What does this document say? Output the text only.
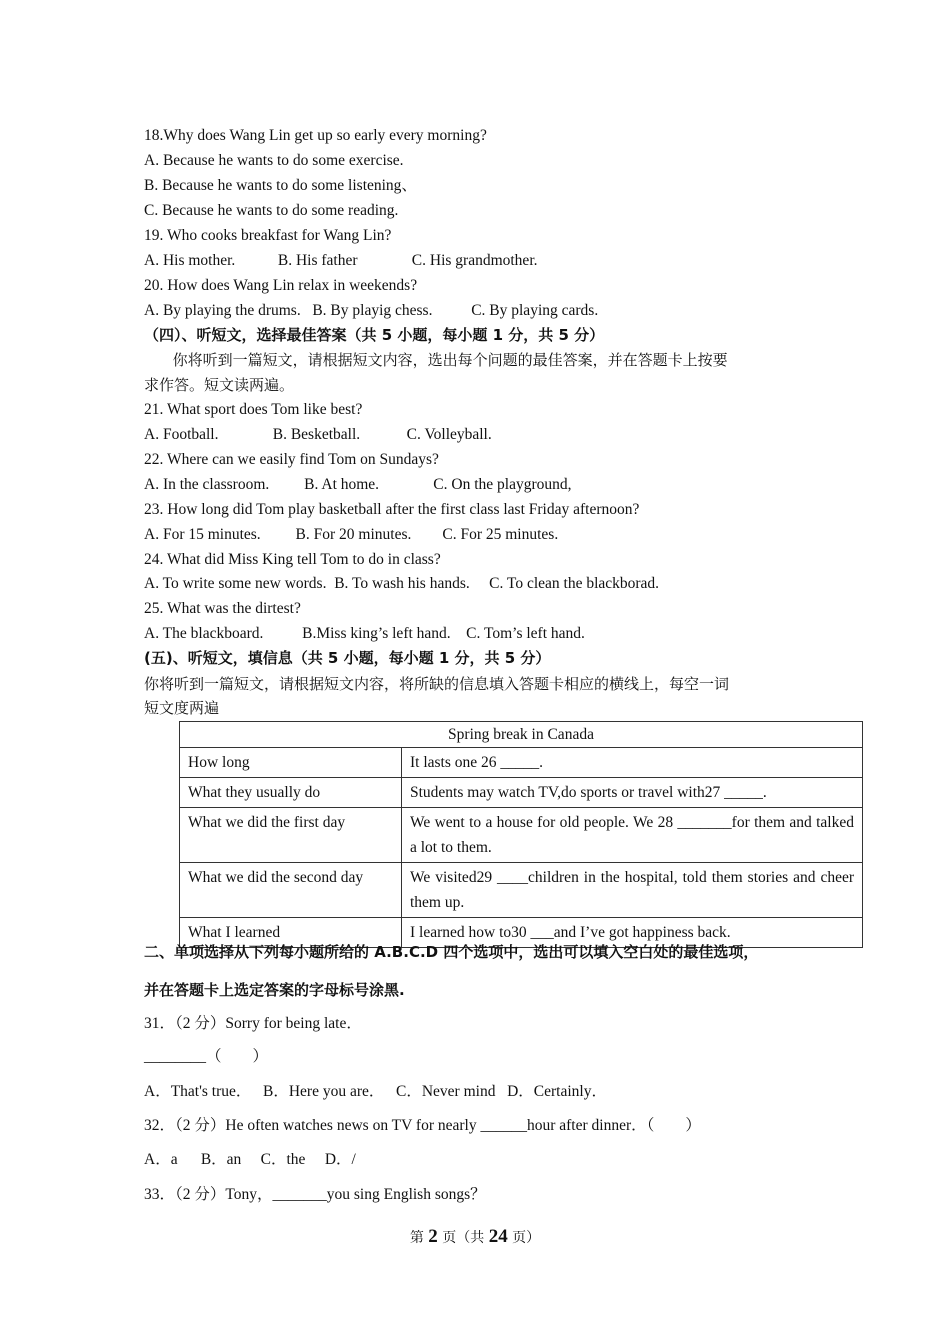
18.Why does Wang Lin get up so early every morning?
A. Because he wants to do some exercise.
B. Because he wants to do some listening、
C. Because he wants to do some reading.
19. Who cooks breakfast for Wang Lin?
A. His mother.           B. His father              C. His grandmother.
20. How does Wang Lin relax in weekends?
A. By playing the drums.   B. By playig chess.          C. By playing cards.
（四）、听短文，选择最佳答案（共 5 小题，每小题 1 分，共 5 分）
你将听到一篇短文，请根据短文内容，选出每个问题的最佳答案，并在答题卡上按要
求作答。短文读两遍。
21. What sport does Tom like best?
A. Football.              B. Besketball.            C. Volleyball.
22. Where can we easily find Tom on Sundays?
A. In the classroom.         B. At home.              C. On the playground,
23. How long did Tom play basketball after the first class last Friday afternoon?
A. For 15 minutes.         B. For 20 minutes.        C. For 25 minutes.
24. What did Miss King tell Tom to do in class?
A. To write some new words.  B. To wash his hands.     C. To clean the blackborad.
25. What was the dirtest?
A. The blackboard.          B.Miss king’s left hand.    C. Tom’s left hand.
(五)、听短文，填信息（共 5 小题，每小题 1 分，共 5 分）
你将听到一篇短文，请根据短文内容，将所缺的信息填入答题卡相应的横线上，每空一词
短文度两遍
Spring break in Canada	
How long	It lasts one 26 _____.
What they usually do	Students may watch TV,do sports or travel with27 _____.
What we did the first day	We went to a house for old people. We 28 _______for them and talked a lot to them.
What we did the second day	We visited29 ____children in the hospital, told them stories and cheer them up.
What I learned	I learned how to30 ___and I’ve got happiness back.
二、单项选择从下列每小题所给的 A.B.C.D 四个选项中，选出可以填入空白处的最佳选项，
并在答题卡上选定答案的字母标号涂黑.
31．（2 分）Sorry for being late．
________（　　）
A．That's true．   B．Here you are．   C．Never mind   D．Certainly．
32．（2 分）He often watches news on TV for nearly ______hour after dinner．（　　）
A．a      B．an     C．the     D．/
33．（2 分）Tony，_______you sing English songs？
第 2 页（共 24 页）
